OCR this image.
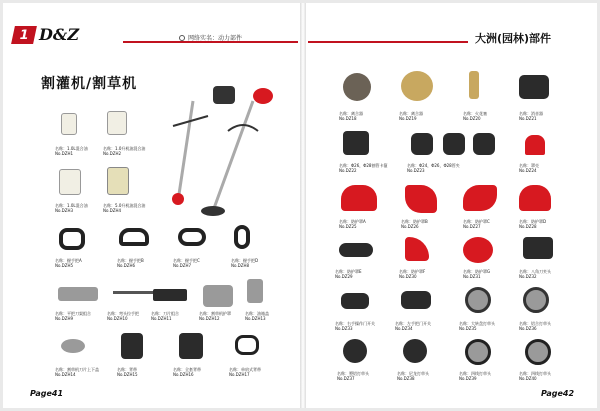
1 D&Z	网络实名：动力部件	大洲(园林)部件
割灌机/割草机
名称：1.0L混合油
No.DZH1
名称：1.0升机油混合油
No.DZH2
名称：1.0L混合油
No.DZH3
名称：5.0升机油混合油
No.DZH4
名称：握手把A
No.DZH5
名称：握手把B
No.DZH6
名称：握手把C
No.DZH7
名称：握手把D
No.DZH8
名称：平把刀架组合
No.DZH9
名称：弯头拉手把
No.DZH10
名称：刀片组合
No.DZH11
名称：割草机护罩
No.DZH12
名称：油箱盖
No.DZH13
名称：割草机刀片上下盖
No.DZH14
名称：背带
No.DZH15
名称：全套背带
No.DZH16
名称：单肩式背带
No.DZH17
Page41
名称：离合器
No.DZ18
名称：离合器
No.DZ19
名称：火花塞
No.DZ20
名称：消音器
No.DZ21
名称：Φ26，Φ28割管卡箍
No.DZ22
名称：Φ24，Φ26，Φ28管夹
No.DZ23
名称：罩壳
No.DZ24
名称：防护罩A
No.DZ25
名称：防护罩B
No.DZ26
名称：防护罩C
No.DZ27
名称：防护罩D
No.DZ28
名称：防护罩E
No.DZ29
名称：防护罩F
No.DZ30
名称：防护罩G
No.DZ31
名称：八角刀夹头
No.DZ32
名称：右手操作门开关
No.DZ33
名称：左手把门开关
No.DZ34
名称：大转盘打草头
No.DZ35
名称：铝合打草头
No.DZ36
名称：塑铝打草头
No.DZ37
名称：尼龙打草头
No.DZ38
名称：四线打草头
No.DZ39
名称：四线打草头
No.DZ40
Page42
